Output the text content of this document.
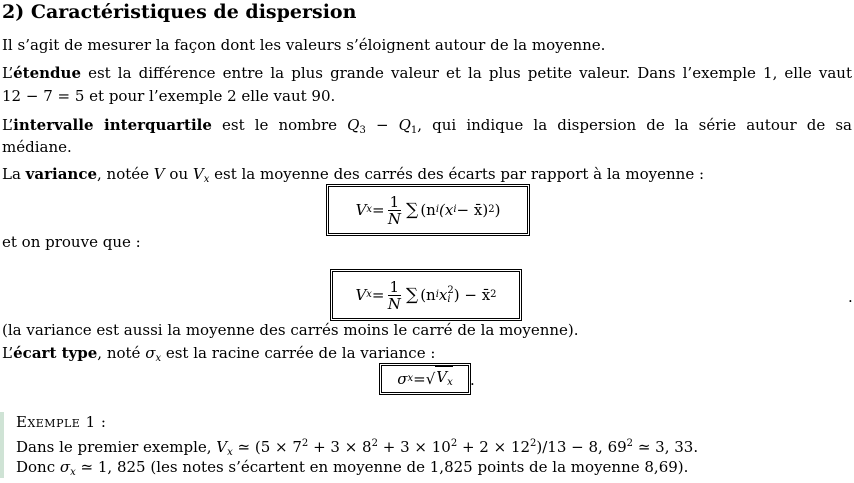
2) Caractéristiques de dispersion
Il s’agit de mesurer la façon dont les valeurs s’éloignent autour de la moyenne.
L’étendue est la différence entre la plus grande valeur et la plus petite valeur. Dans l’exemple 1, elle vaut
12 − 7 = 5 et pour l’exemple 2 elle vaut 90.
L’intervalle interquartile est le nombre $Q_3 - Q_1$, qui indique la dispersion de la série autour de sa
médiane.
La variance, notée V ou $V_x$ est la moyenne des carrés des écarts par rapport à la moyenne :
V $x = \frac{1}{N}$ ∑ (n i (x i − x̄) 2 )
et on prouve que :
V $x = \frac{1}{N}$ ∑ (n i x 2
i ) − x̄ 2	.
(la variance est aussi la moyenne des carrés moins le carré de la moyenne).
L’écart type, noté $\sigma_x$ est la racine carrée de la variance :
σ x = √ $V_x$ .
Exemple 1 :
Dans le premier exemple, $V_x$ ≃ $(5 \times 7^2 + 3 \times 8^2 + 3 \times 10^2 + 2 \times 12^2)/13 - 8$, $69^2$ ≃ 3, 33.
Donc $\sigma_x$ ≃ 1, 825 (les notes s’écartent en moyenne de 1,825 points de la moyenne 8,69).
